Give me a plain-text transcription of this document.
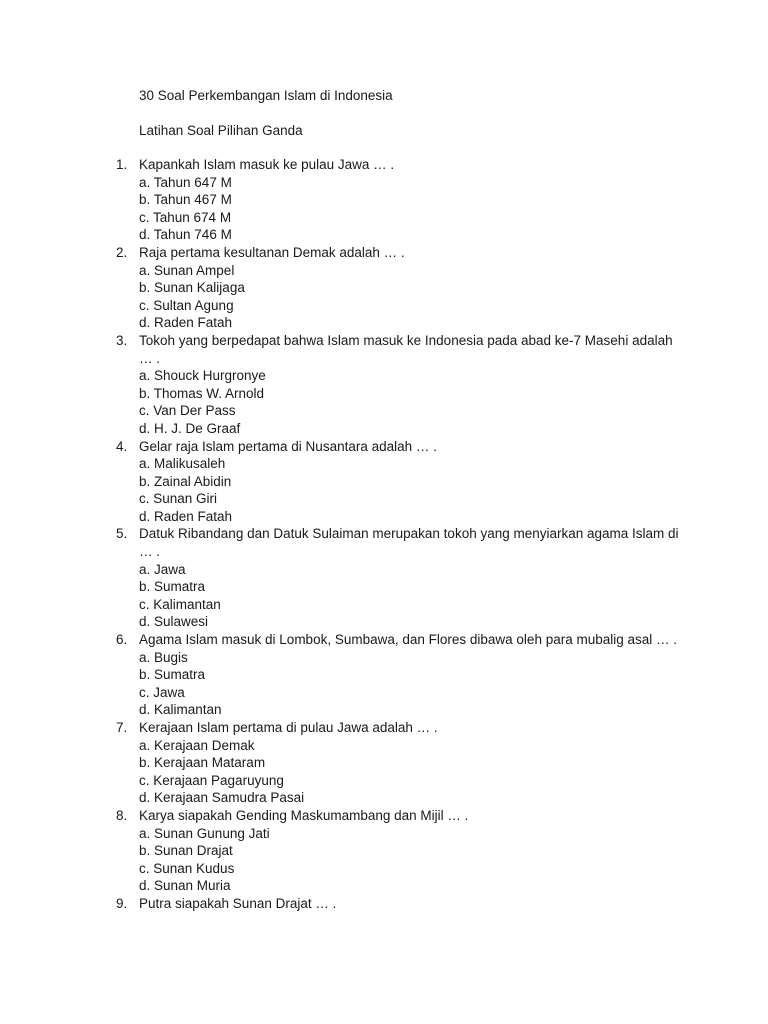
30 Soal Perkembangan Islam di Indonesia
Latihan Soal Pilihan Ganda
1. Kapankah Islam masuk ke pulau Jawa … .
a. Tahun 647 M
b. Tahun 467 M
c. Tahun 674 M
d. Tahun 746 M
2. Raja pertama kesultanan Demak adalah … .
a. Sunan Ampel
b. Sunan Kalijaga
c. Sultan Agung
d. Raden Fatah
3. Tokoh yang berpedapat bahwa Islam masuk ke Indonesia pada abad ke-7 Masehi adalah … .
a. Shouck Hurgronye
b. Thomas W. Arnold
c. Van Der Pass
d. H. J. De Graaf
4. Gelar raja Islam pertama di Nusantara adalah … .
a. Malikusaleh
b. Zainal Abidin
c. Sunan Giri
d. Raden Fatah
5. Datuk Ribandang dan Datuk Sulaiman merupakan tokoh yang menyiarkan agama Islam di … .
a. Jawa
b. Sumatra
c. Kalimantan
d. Sulawesi
6. Agama Islam masuk di Lombok, Sumbawa, dan Flores dibawa oleh para mubalig asal … .
a. Bugis
b. Sumatra
c. Jawa
d. Kalimantan
7. Kerajaan Islam pertama di pulau Jawa adalah … .
a. Kerajaan Demak
b. Kerajaan Mataram
c. Kerajaan Pagaruyung
d. Kerajaan Samudra Pasai
8. Karya siapakah Gending Maskumambang dan Mijil … .
a. Sunan Gunung Jati
b. Sunan Drajat
c. Sunan Kudus
d. Sunan Muria
9. Putra siapakah Sunan Drajat … .
